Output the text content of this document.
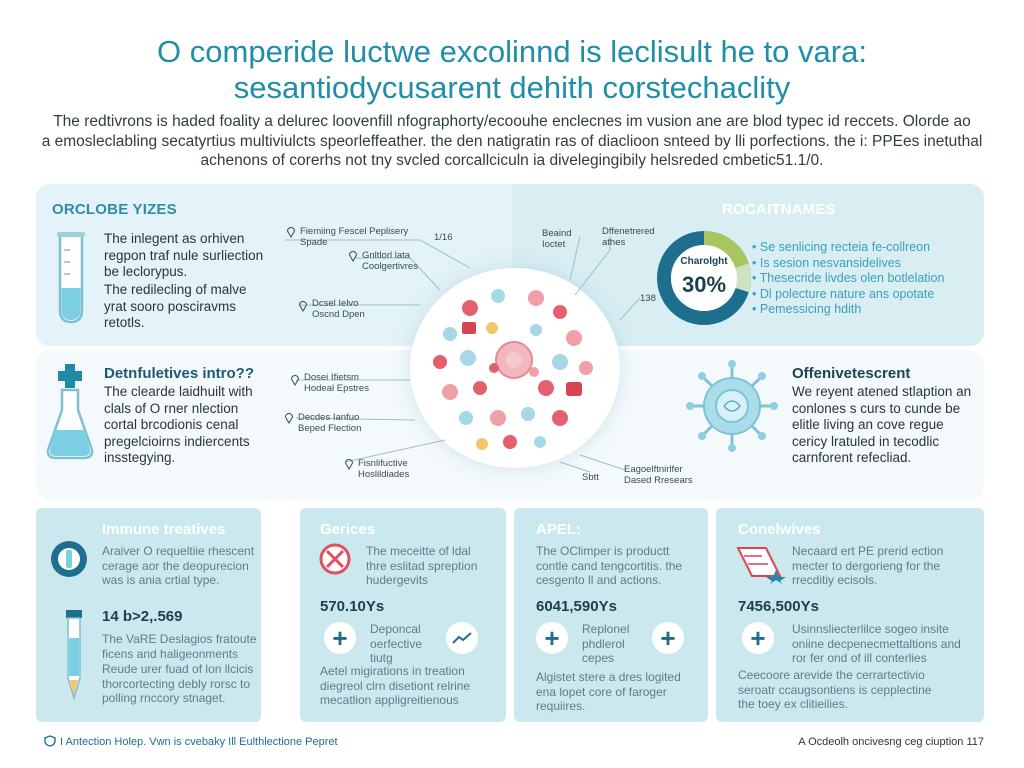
O comperide luctwe excolinnd is leclisult he to vara:
sesantiodycusarent dehith corstechaclity
The redtivrons is haded foality a delurec loovenfill nfographorty/ecoouhe enclecnes im vusion ane are blod typec id reccets. Olorde ao
a emosleclabling secatyrtius multiviulcts speorleffeather. the den natigratin ras of diaclioon snteed by lli porfections. the i: PPEes inetuthal
achenons of corerhs not tny svcled corcallciculn ia divelegingibily helsreded cmbetic51.1/0.
ORCLOBE YIZES
The inlegent as orhiven
regpon traf nule surliection
be leclorypus.
The redilecling of malve
yrat sooro posciravms
retotls.
Detnfuletives intro??
The clearde laidhuilt with
clals of O rner nlection
cortal brcodionis cenal
pregelcioirns indiercents
insstegying.
ROCAITNAMES
Charolght
30%
• Se senlicing recteia fe-collreon
• Is sesion nesvansidelives
• Thesecride livdes olen botlelation
• Dl polecture nature ans opotate
• Pemessicing hdith
Offenivetescrent
We reyent atened stlaption an
conlones s curs to cunde be
elitle living an cove regue
cericy lratuled in tecodlic
carnforent refecliad.
Fiemiing Fescel Peplisery
Spade	1/16
Gnltlorl lata
Coolgertivres
Dcsel Ielvo
Oscnd Dpen
Beaind
Ioctet
Dffenetrered
athes
138
Dosei Ifietsm
Hodeal Epstres
Decdes Ianfuo
Beped Flection
Fisnlifuctive
Hoslildiades	Eagoelftnirlfer
Dased Rresears
Sbtt
Immune treatives
Araiver O requeltiie rhescent
cerage aor the deopurecion
was is ania crtial type.
14 b>2,.569
The VaRE Deslagios fratoute
ficens and haligeonments
Reude urer fuad of lon llcicis
thorcortecting debly rorsc to
polling rnccory stnaget.
Gerices
The meceitte of ldal
thre eslitad spreption
hudergevits
570.10Ys
+ Deponcal
oerfective
tiutg
Aetel migirations in treation
diegreol clrn disetiont relrine
mecatlion appligreitienous
APEL:
The OClimper is productt
contle cand tengcortitis. the
cesgento ll and actions.
6041,590Ys
+ Replonel
phdlerol
cepes
+
Algistet stere a dres logited
ena lopet core of faroger
requiires.
Conelwives
Necaard ert PE prerid ection
mecter to dergorieng for the
rrecditiy ecisols.
7456,500Ys
+ Usinnsliecterlilce sogeo insite
oniine decpenecmettaltions and
ror fer ond of ill conterlies
Ceecoore arevide the cerrartectivio
seroatr ccaugsontiens is cepplectine
the toey ex clitieilies.
I Antection Holep. Vwn is cvebaky Ill Eulthlectione Pepret	A Ocdeolh oncivesng ceg ciuption 117
